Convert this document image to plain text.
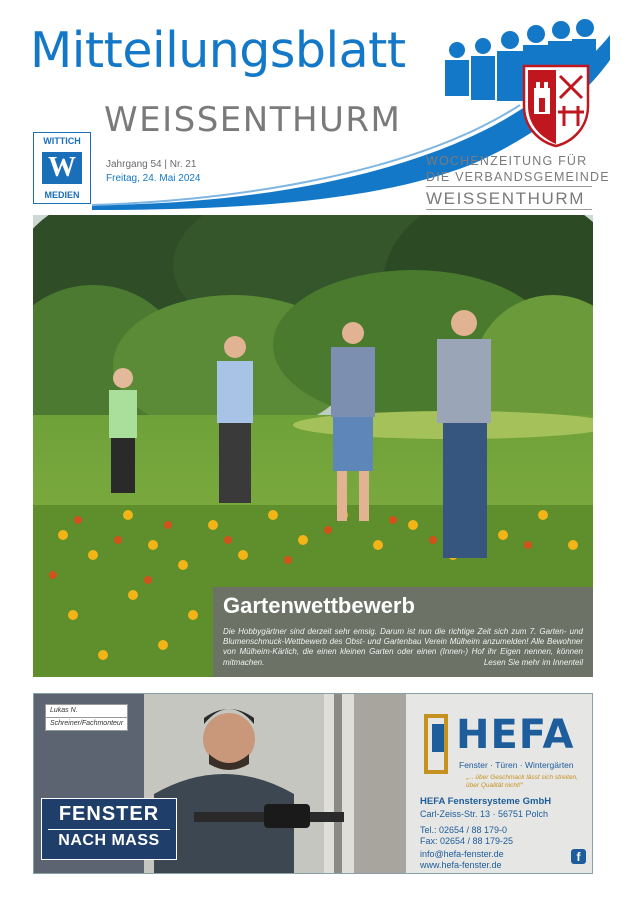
Mitteilungsblatt
WEISSENTHURM
WITTICH
W
MEDIEN
Jahrgang 54 | Nr. 21
Freitag, 24. Mai 2024
WOCHENZEITUNG FÜR
DIE VERBANDSGEMEINDE
WEISSENTHURM
Gartenwettbewerb
Die Hobbygärtner sind derzeit sehr emsig. Darum ist nun die richtige Zeit sich zum 7. Garten- und Blumenschmuck-Wettbewerb des Obst- und Gartenbau Verein Mülheim anzumelden! Alle Bewohner von Mülheim-Kärlich, die einen kleinen Garten oder einen (Innen-) Hof ihr Eigen nennen, können mitmachen.	Lesen Sie mehr im Innenteil
Lukas N.
Schreiner/Fachmonteur
FENSTER
NACH MASS
HEFA
Fenster · Türen · Wintergärten
„... über Geschmack lässt sich streiten,
über Qualität nicht!“
HEFA Fenstersysteme GmbH
Carl-Zeiss-Str. 13 · 56751 Polch
Tel.: 02654 / 88 179-0
Fax: 02654 / 88 179-25
info@hefa-fenster.de
www.hefa-fenster.de
f
